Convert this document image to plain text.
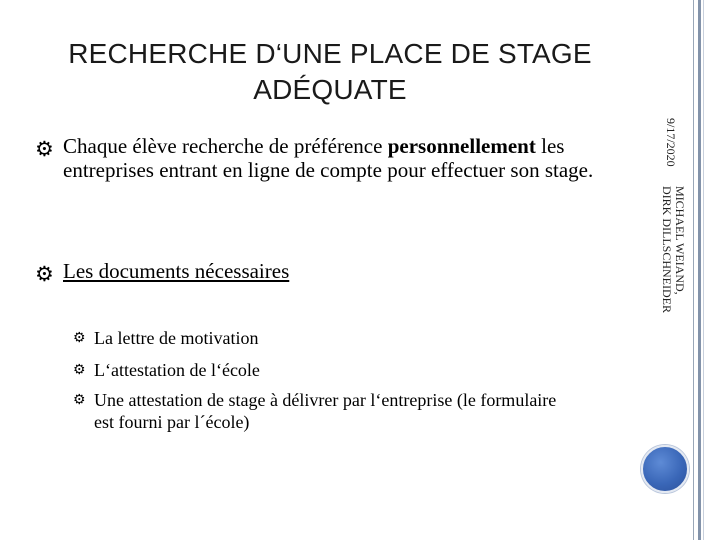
RECHERCHE D‘UNE PLACE DE STAGE
ADÉQUATE
9/17/2020
MICHAEL WEIAND,
DIRK DILLSCHNEIDER
⚙ Chaque élève recherche de préférence personnellement les entreprises entrant en ligne de compte pour effectuer son stage.
⚙ Les documents nécessaires
⚙ La lettre de motivation
⚙ L‘attestation de l‘école
⚙ Une attestation de stage à délivrer par l‘entreprise (le formulaire est fourni par l´école)
